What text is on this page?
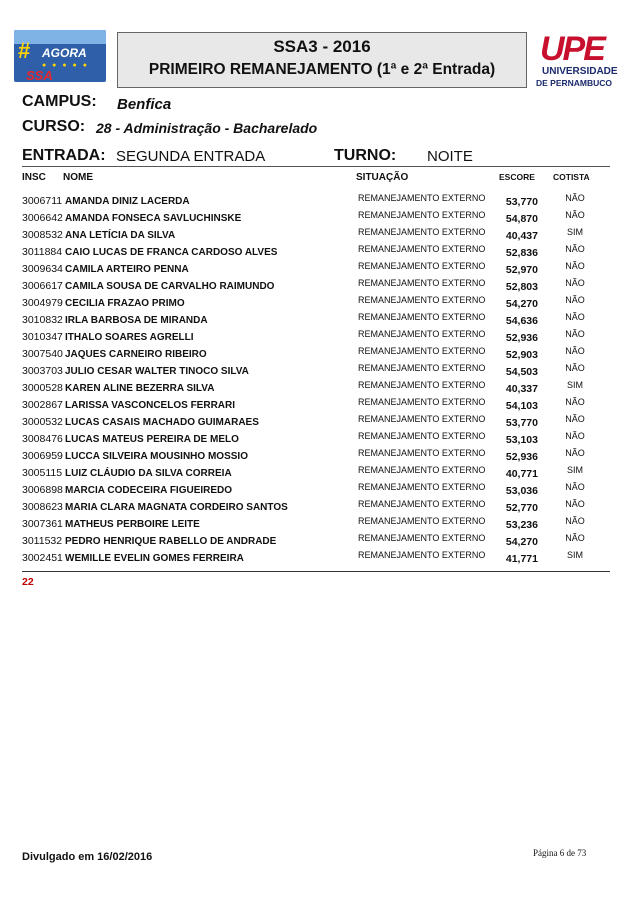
# AGORA
● ● ● ● ●
SSA
SSA3 - 2016
PRIMEIRO REMANEJAMENTO (1ª e 2ª Entrada)
UPE
UNIVERSIDADE
DE PERNAMBUCO
CAMPUS: Benfica
CURSO: 28 - Administração - Bacharelado
ENTRADA: SEGUNDA ENTRADA	TURNO: NOITE
INSC NOME	SITUAÇÃO	ESCORE COTISTA
3006711 AMANDA DINIZ LACERDA	REMANEJAMENTO EXTERNO	53,770	NÃO
3006642 AMANDA FONSECA SAVLUCHINSKE	REMANEJAMENTO EXTERNO	54,870	NÃO
3008532 ANA LETÍCIA DA SILVA	REMANEJAMENTO EXTERNO	40,437	SIM
3011884 CAIO LUCAS DE FRANCA CARDOSO ALVES	REMANEJAMENTO EXTERNO	52,836	NÃO
3009634 CAMILA ARTEIRO PENNA	REMANEJAMENTO EXTERNO	52,970	NÃO
3006617 CAMILA SOUSA DE CARVALHO RAIMUNDO	REMANEJAMENTO EXTERNO	52,803	NÃO
3004979 CECILIA FRAZAO PRIMO	REMANEJAMENTO EXTERNO	54,270	NÃO
3010832 IRLA BARBOSA DE MIRANDA	REMANEJAMENTO EXTERNO	54,636	NÃO
3010347 ITHALO SOARES AGRELLI	REMANEJAMENTO EXTERNO	52,936	NÃO
3007540 JAQUES CARNEIRO RIBEIRO	REMANEJAMENTO EXTERNO	52,903	NÃO
3003703 JULIO CESAR WALTER TINOCO SILVA	REMANEJAMENTO EXTERNO	54,503	NÃO
3000528 KAREN ALINE BEZERRA SILVA	REMANEJAMENTO EXTERNO	40,337	SIM
3002867 LARISSA VASCONCELOS FERRARI	REMANEJAMENTO EXTERNO	54,103	NÃO
3000532 LUCAS CASAIS MACHADO GUIMARAES	REMANEJAMENTO EXTERNO	53,770	NÃO
3008476 LUCAS MATEUS PEREIRA DE MELO	REMANEJAMENTO EXTERNO	53,103	NÃO
3006959 LUCCA SILVEIRA MOUSINHO MOSSIO	REMANEJAMENTO EXTERNO	52,936	NÃO
3005115 LUIZ CLÁUDIO DA SILVA CORREIA	REMANEJAMENTO EXTERNO	40,771	SIM
3006898 MARCIA CODECEIRA FIGUEIREDO	REMANEJAMENTO EXTERNO	53,036	NÃO
3008623 MARIA CLARA MAGNATA CORDEIRO SANTOS	REMANEJAMENTO EXTERNO	52,770	NÃO
3007361 MATHEUS PERBOIRE LEITE	REMANEJAMENTO EXTERNO	53,236	NÃO
3011532 PEDRO HENRIQUE RABELLO DE ANDRADE	REMANEJAMENTO EXTERNO	54,270	NÃO
3002451 WEMILLE EVELIN GOMES FERREIRA	REMANEJAMENTO EXTERNO	41,771	SIM
22
Divulgado em 16/02/2016	Página 6 de 73
